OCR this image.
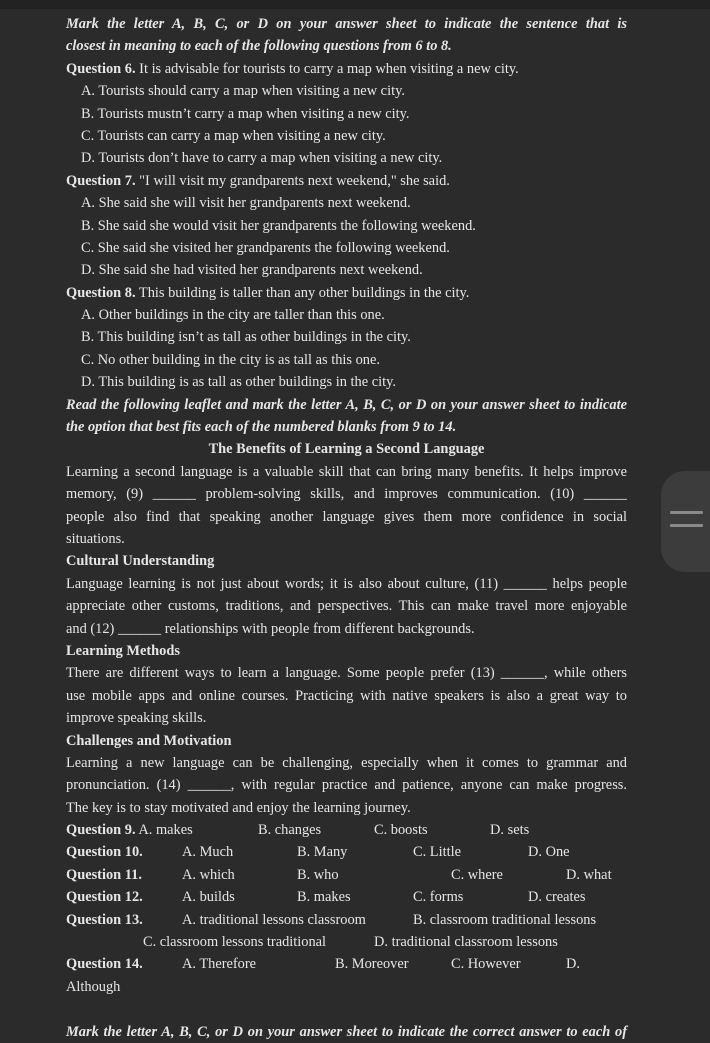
Mark the letter A, B, C, or D on your answer sheet to indicate the sentence that is
closest in meaning to each of the following questions from 6 to 8.
Question 6. It is advisable for tourists to carry a map when visiting a new city.
A. Tourists should carry a map when visiting a new city.
B. Tourists mustn’t carry a map when visiting a new city.
C. Tourists can carry a map when visiting a new city.
D. Tourists don’t have to carry a map when visiting a new city.
Question 7. "I will visit my grandparents next weekend," she said.
A. She said she will visit her grandparents next weekend.
B. She said she would visit her grandparents the following weekend.
C. She said she visited her grandparents the following weekend.
D. She said she had visited her grandparents next weekend.
Question 8. This building is taller than any other buildings in the city.
A. Other buildings in the city are taller than this one.
B. This building isn’t as tall as other buildings in the city.
C. No other building in the city is as tall as this one.
D. This building is as tall as other buildings in the city.
Read the following leaflet and mark the letter A, B, C, or D on your answer sheet to indicate
the option that best fits each of the numbered blanks from 9 to 14.
The Benefits of Learning a Second Language
Learning a second language is a valuable skill that can bring many benefits. It helps improve
memory, (9) ______ problem-solving skills, and improves communication. (10) ______
people also find that speaking another language gives them more confidence in social
situations.
Cultural Understanding
Language learning is not just about words; it is also about culture, (11) ______ helps people
appreciate other customs, traditions, and perspectives. This can make travel more enjoyable
and (12) ______ relationships with people from different backgrounds.
Learning Methods
There are different ways to learn a language. Some people prefer (13) ______, while others
use mobile apps and online courses. Practicing with native speakers is also a great way to
improve speaking skills.
Challenges and Motivation
Learning a new language can be challenging, especially when it comes to grammar and
pronunciation. (14) ______, with regular practice and patience, anyone can make progress.
The key is to stay motivated and enjoy the learning journey.
Question 9. A. makes	B. changes	C. boosts	D. sets
Question 10.	A. Much	B. Many	C. Little	D. One
Question 11.	A. which	B. who	C. where	D. what
Question 12.	A. builds	B. makes	C. forms	D. creates
Question 13.	A. traditional lessons classroom	B. classroom traditional lessons
C. classroom lessons traditional	D. traditional classroom lessons
Question 14.	A. Therefore	B. Moreover	C. However	D.
Although
Mark the letter A, B, C, or D on your answer sheet to indicate the correct answer to each of
